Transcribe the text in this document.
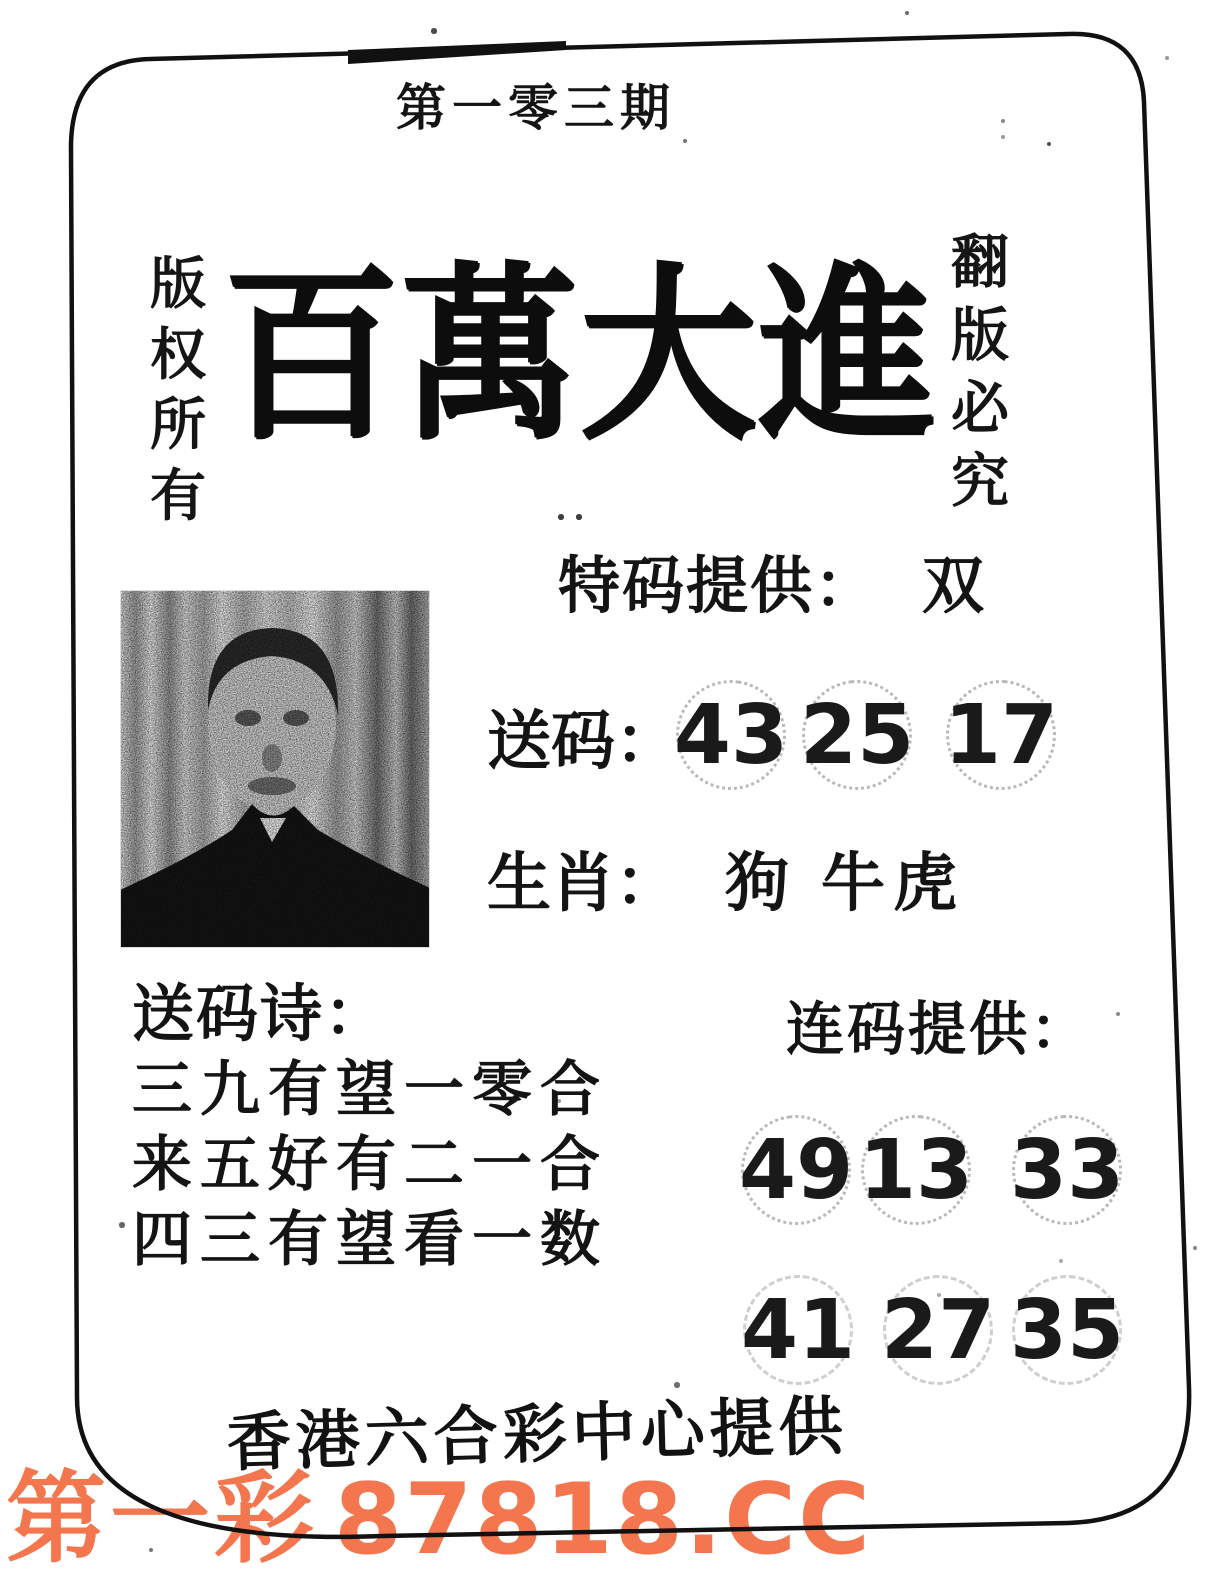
第一零三期
版权所有
翻版必究
百萬大進
特码提供： 双
送码：
43 25 17
生肖： 狗 牛虎
送码诗：
三九有望一零合
来五好有二一合
四三有望看一数
连码提供：
49 13 33
41 27 35
香港六合彩中心提供
第一彩 87818.CC
